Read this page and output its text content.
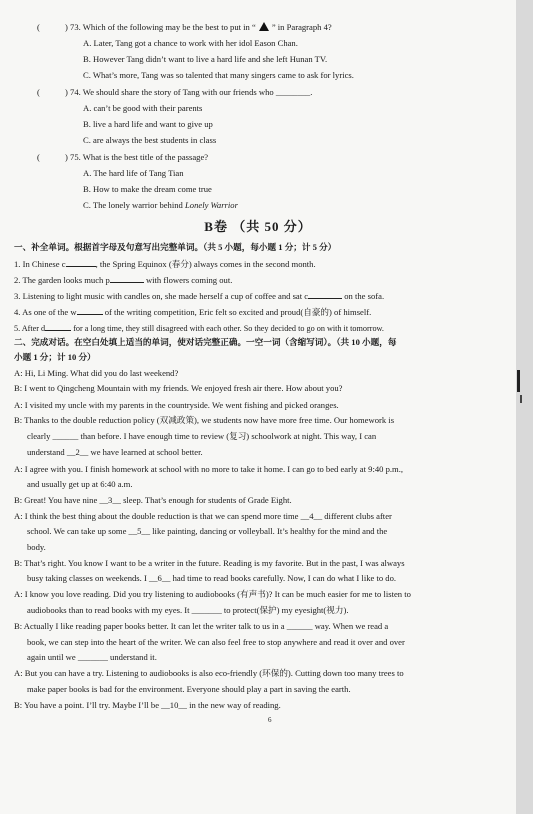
(	) 73. Which of the following may be the best to put in “ ” in Paragraph 4?
A. Later, Tang got a chance to work with her idol Eason Chan.
B. However Tang didn’t want to live a hard life and she left Hunan TV.
C. What’s more, Tang was so talented that many singers came to ask for lyrics.
(	) 74. We should share the story of Tang with our friends who ________.
A. can’t be good with their parents
B. live a hard life and want to give up
C. are always the best students in class
(	) 75. What is the best title of the passage?
A. The hard life of Tang Tian
B. How to make the dream come true
C. The lonely warrior behind Lonely Warrior
B卷 （共 50 分）
一、补全单词。根据首字母及句意写出完整单词。（共 5 小题，每小题 1 分；计 5 分）
1. In Chinese c	, the Spring Equinox (春分) always comes in the second month.
2. The garden looks much p	with flowers coming out.
3. Listening to light music with candles on, she made herself a cup of coffee and sat c	on the sofa.
4. As one of the w	of the writing competition, Eric felt so excited and proud(自豪的) of himself.
5. After d	for a long time, they still disagreed with each other. So they decided to go on with it tomorrow.
二、完成对话。在空白处填上适当的单词，使对话完整正确。一空一词（含缩写词）。（共 10 小题，每
小题 1 分；计 10 分）
A: Hi, Li Ming. What did you do last weekend?
B: I went to Qingcheng Mountain with my friends. We enjoyed fresh air there. How about you?
A: I visited my uncle with my parents in the countryside. We went fishing and picked oranges.
B: Thanks to the double reduction policy (双减政策), we students now have more free time. Our homework is
clearly ______ than before. I have enough time to review (复习) schoolwork at night. This way, I can
understand __2__ we have learned at school better.
A: I agree with you. I finish homework at school with no more to take it home. I can go to bed early at 9:40 p.m.,
and usually get up at 6:40 a.m.
B: Great! You have nine __3__ sleep. That’s enough for students of Grade Eight.
A: I think the best thing about the double reduction is that we can spend more time __4__ different clubs after
school. We can take up some __5__ like painting, dancing or volleyball. It’s healthy for the mind and the
body.
B: That’s right. You know I want to be a writer in the future. Reading is my favorite. But in the past, I was always
busy taking classes on weekends. I __6__ had time to read books carefully. Now, I can do what I like to do.
A: I know you love reading. Did you try listening to audiobooks (有声书)? It can be much easier for me to listen to
audiobooks than to read books with my eyes. It _______ to protect(保护) my eyesight(视力).
B: Actually I like reading paper books better. It can let the writer talk to us in a ______ way. When we read a
book, we can step into the heart of the writer. We can also feel free to stop anywhere and read it over and over
again until we _______ understand it.
A: But you can have a try. Listening to audiobooks is also eco-friendly (环保的). Cutting down too many trees to
make paper books is bad for the environment. Everyone should play a part in saving the earth.
B: You have a point. I’ll try. Maybe I’ll be __10__ in the new way of reading.
6
